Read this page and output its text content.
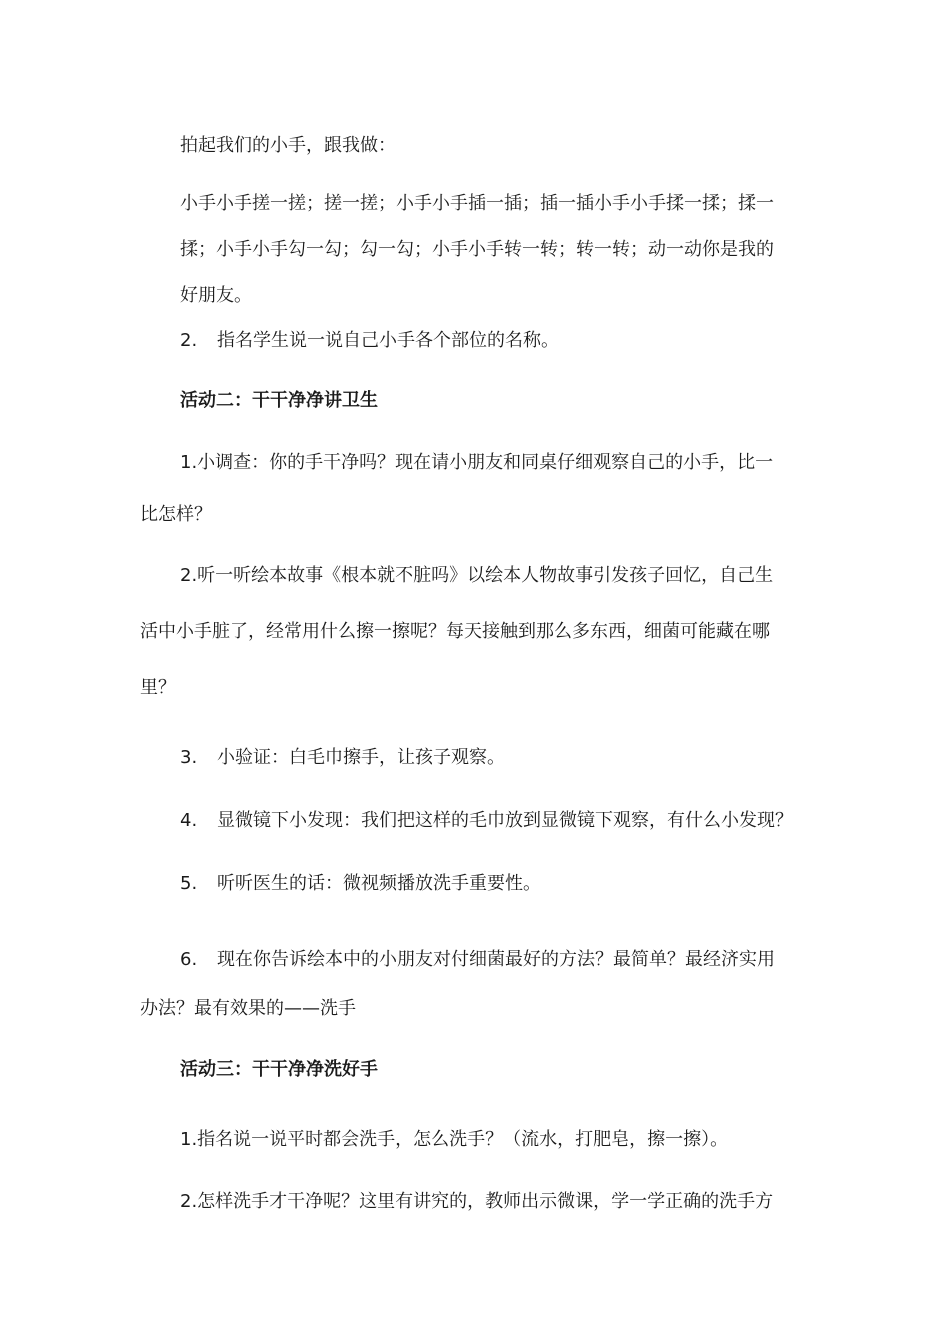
拍起我们的小手，跟我做：

小手小手搓一搓；搓一搓；小手小手插一插；插一插小手小手揉一揉；揉一

揉；小手小手勾一勾；勾一勾；小手小手转一转；转一转；动一动你是我的

好朋友。

2. 指名学生说一说自己小手各个部位的名称。

活动二：干干净净讲卫生

1.小调查：你的手干净吗？现在请小朋友和同桌仔细观察自己的小手，比一

比怎样？

2.听一听绘本故事《根本就不脏吗》以绘本人物故事引发孩子回忆，自己生

活中小手脏了，经常用什么擦一擦呢？每天接触到那么多东西，细菌可能藏在哪

里？

3. 小验证：白毛巾擦手，让孩子观察。

4. 显微镜下小发现：我们把这样的毛巾放到显微镜下观察，有什么小发现？

5. 听听医生的话：微视频播放洗手重要性。

6. 现在你告诉绘本中的小朋友对付细菌最好的方法？最简单？最经济实用

办法？最有效果的——洗手

活动三：干干净净洗好手

1.指名说一说平时都会洗手，怎么洗手？（流水，打肥皂，擦一擦）。

2.怎样洗手才干净呢？这里有讲究的，教师出示微课，学一学正确的洗手方
